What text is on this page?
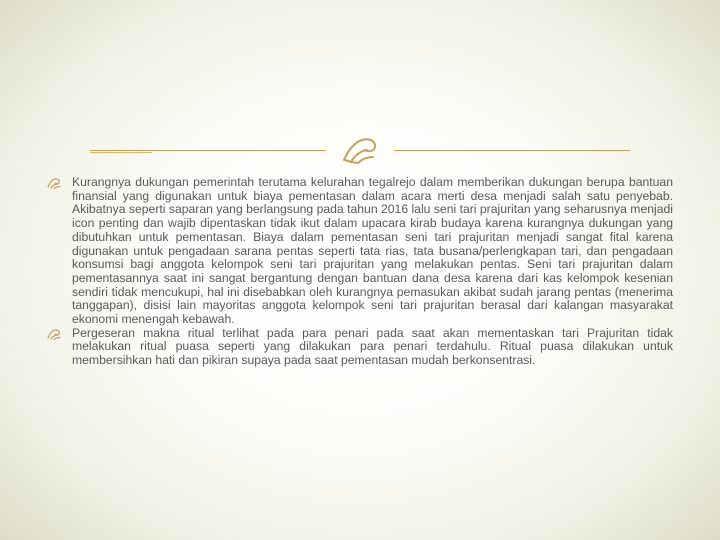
Kurangnya dukungan pemerintah terutama kelurahan tegalrejo dalam memberikan dukungan berupa bantuan finansial yang digunakan untuk biaya pementasan dalam acara merti desa menjadi salah satu penyebab. Akibatnya seperti saparan yang berlangsung pada tahun 2016 lalu seni tari prajuritan yang seharusnya menjadi icon penting dan wajib dipentaskan tidak ikut dalam upacara kirab budaya karena kurangnya dukungan yang dibutuhkan untuk pementasan. Biaya dalam pementasan seni tari prajuritan menjadi sangat fital karena digunakan untuk pengadaan sarana pentas seperti tata rias, tata busana/perlengkapan tari, dan pengadaan konsumsi bagi anggota kelompok seni tari prajuritan yang melakukan pentas. Seni tari prajuritan dalam pementasannya saat ini sangat bergantung dengan bantuan dana desa karena dari kas kelompok kesenian sendiri tidak mencukupi, hal ini disebabkan oleh kurangnya pemasukan akibat sudah jarang pentas (menerima tanggapan), disisi lain mayoritas anggota kelompok seni tari prajuritan berasal dari kalangan masyarakat ekonomi menengah kebawah.
Pergeseran makna ritual terlihat pada para penari pada saat akan mementaskan tari Prajuritan tidak melakukan ritual puasa seperti yang dilakukan para penari terdahulu. Ritual puasa dilakukan untuk membersihkan hati dan pikiran supaya pada saat pementasan mudah berkonsentrasi.
